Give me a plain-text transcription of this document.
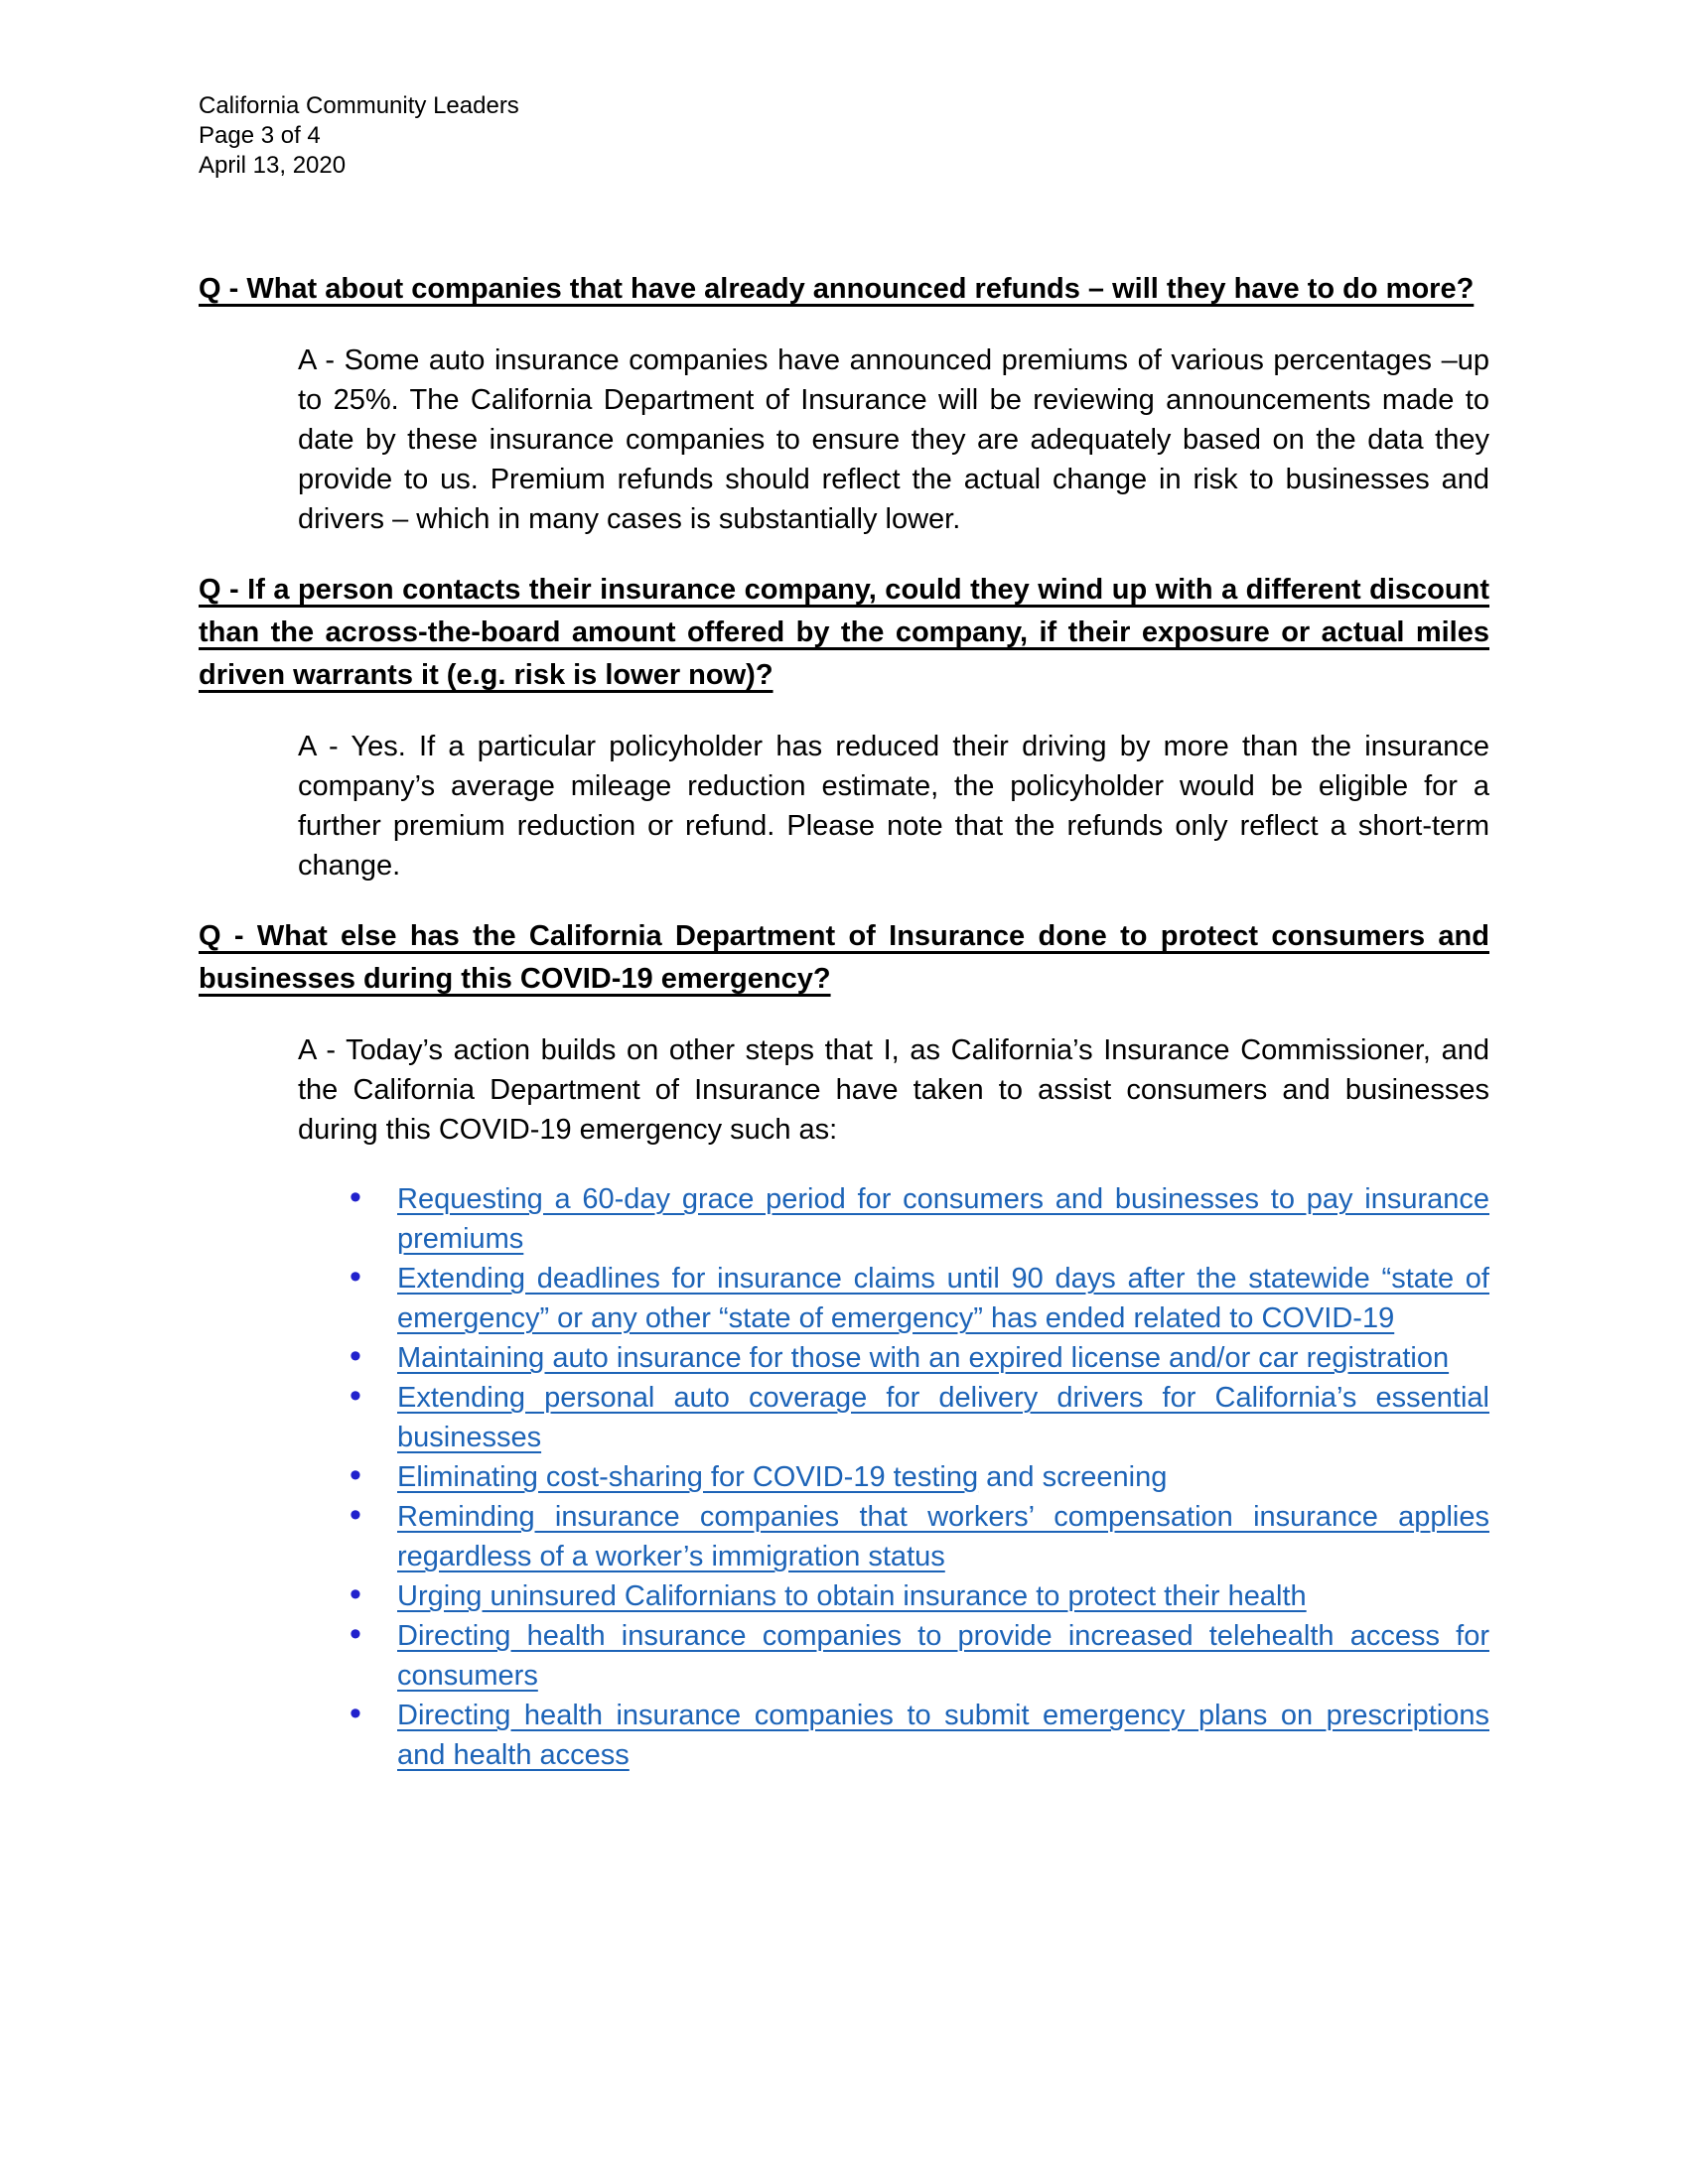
California Community Leaders
Page 3 of 4
April 13, 2020

Q - What about companies that have already announced refunds – will they have to do more?

A - Some auto insurance companies have announced premiums of various percentages –up to 25%. The California Department of Insurance will be reviewing announcements made to date by these insurance companies to ensure they are adequately based on the data they provide to us. Premium refunds should reflect the actual change in risk to businesses and drivers – which in many cases is substantially lower.

Q - If a person contacts their insurance company, could they wind up with a different discount than the across-the-board amount offered by the company, if their exposure or actual miles driven warrants it (e.g. risk is lower now)?

A - Yes. If a particular policyholder has reduced their driving by more than the insurance company’s average mileage reduction estimate, the policyholder would be eligible for a further premium reduction or refund. Please note that the refunds only reflect a short-term change.

Q - What else has the California Department of Insurance done to protect consumers and businesses during this COVID-19 emergency?

A - Today’s action builds on other steps that I, as California’s Insurance Commissioner, and the California Department of Insurance have taken to assist consumers and businesses during this COVID-19 emergency such as:

• Requesting a 60-day grace period for consumers and businesses to pay insurance premiums
• Extending deadlines for insurance claims until 90 days after the statewide “state of emergency” or any other “state of emergency” has ended related to COVID-19
• Maintaining auto insurance for those with an expired license and/or car registration
• Extending personal auto coverage for delivery drivers for California’s essential businesses
• Eliminating cost-sharing for COVID-19 testing and screening
• Reminding insurance companies that workers’ compensation insurance applies regardless of a worker’s immigration status
• Urging uninsured Californians to obtain insurance to protect their health
• Directing health insurance companies to provide increased telehealth access for consumers
• Directing health insurance companies to submit emergency plans on prescriptions and health access
